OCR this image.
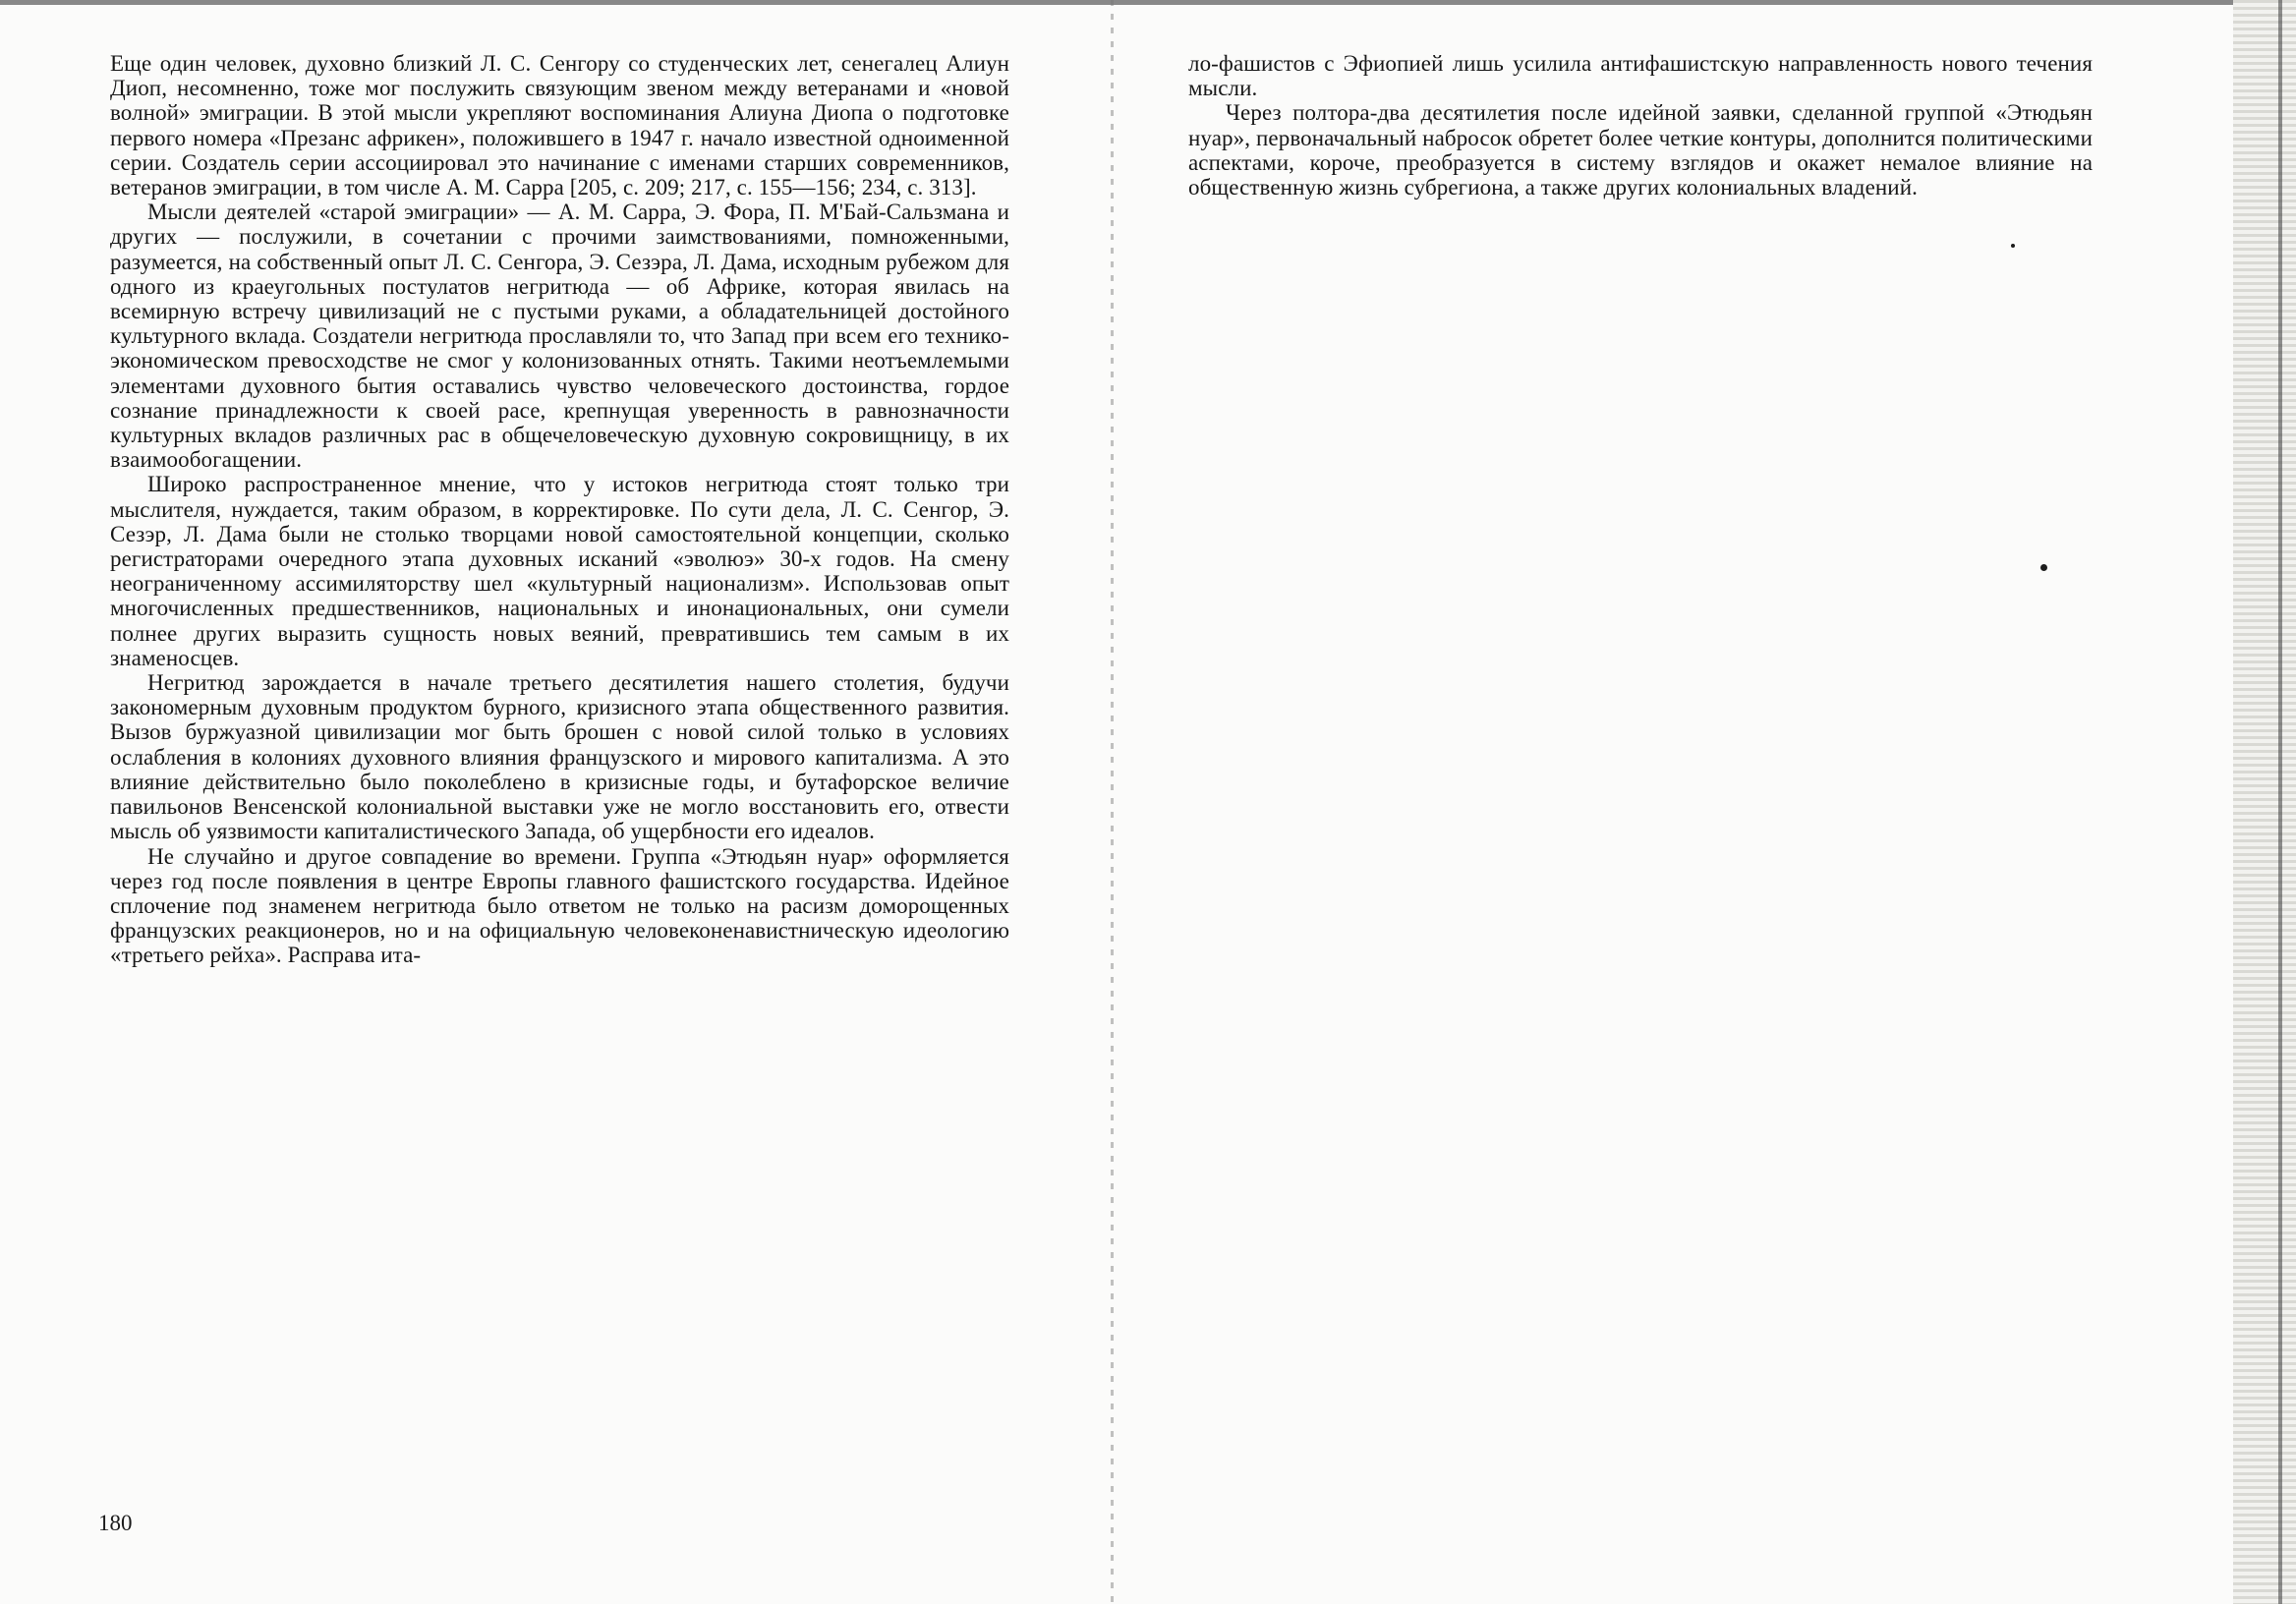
Еще один человек, духовно близкий Л. С. Сенгору со студенческих лет, сенегалец Алиун Диоп, несомненно, тоже мог послужить связующим звеном между ветеранами и «новой волной» эмиграции. В этой мысли укрепляют воспоминания Алиуна Диопа о подготовке первого номера «Презанс африкен», положившего в 1947 г. начало известной одноименной серии. Создатель серии ассоциировал это начинание с именами старших современников, ветеранов эмиграции, в том числе А. М. Сарра [205, с. 209; 217, с. 155—156; 234, с. 313].

Мысли деятелей «старой эмиграции» — А. М. Сарра, Э. Фора, П. М'Бай-Сальзмана и других — послужили, в сочетании с прочими заимствованиями, помноженными, разумеется, на собственный опыт Л. С. Сенгора, Э. Сезэра, Л. Дама, исходным рубежом для одного из краеугольных постулатов негритюда — об Африке, которая явилась на всемирную встречу цивилизаций не с пустыми руками, а обладательницей достойного культурного вклада. Создатели негритюда прославляли то, что Запад при всем его технико-экономическом превосходстве не смог у колонизованных отнять. Такими неотъемлемыми элементами духовного бытия оставались чувство человеческого достоинства, гордое сознание принадлежности к своей расе, крепнущая уверенность в равнозначности культурных вкладов различных рас в общечеловеческую духовную сокровищницу, в их взаимообогащении.

Широко распространенное мнение, что у истоков негритюда стоят только три мыслителя, нуждается, таким образом, в корректировке. По сути дела, Л. С. Сенгор, Э. Сезэр, Л. Дама были не столько творцами новой самостоятельной концепции, сколько регистраторами очередного этапа духовных исканий «эволюэ» 30-х годов. На смену неограниченному ассимиляторству шел «культурный национализм». Использовав опыт многочисленных предшественников, национальных и инонациональных, они сумели полнее других выразить сущность новых веяний, превратившись тем самым в их знаменосцев.

Негритюд зарождается в начале третьего десятилетия нашего столетия, будучи закономерным духовным продуктом бурного, кризисного этапа общественного развития. Вызов буржуазной цивилизации мог быть брошен с новой силой только в условиях ослабления в колониях духовного влияния французского и мирового капитализма. А это влияние действительно было поколеблено в кризисные годы, и бутафорское величие павильонов Венсенской колониальной выставки уже не могло восстановить его, отвести мысль об уязвимости капиталистического Запада, об ущербности его идеалов.

Не случайно и другое совпадение во времени. Группа «Этюдьян нуар» оформляется через год после появления в центре Европы главного фашистского государства. Идейное сплочение под знаменем негритюда было ответом не только на расизм доморощенных французских реакционеров, но и на официальную человеконенавистническую идеологию «третьего рейха». Расправа ита-

180

ло-фашистов с Эфиопией лишь усилила антифашистскую направленность нового течения мысли.

Через полтора-два десятилетия после идейной заявки, сделанной группой «Этюдьян нуар», первоначальный набросок обретет более четкие контуры, дополнится политическими аспектами, короче, преобразуется в систему взглядов и окажет немалое влияние на общественную жизнь субрегиона, а также других колониальных владений.
